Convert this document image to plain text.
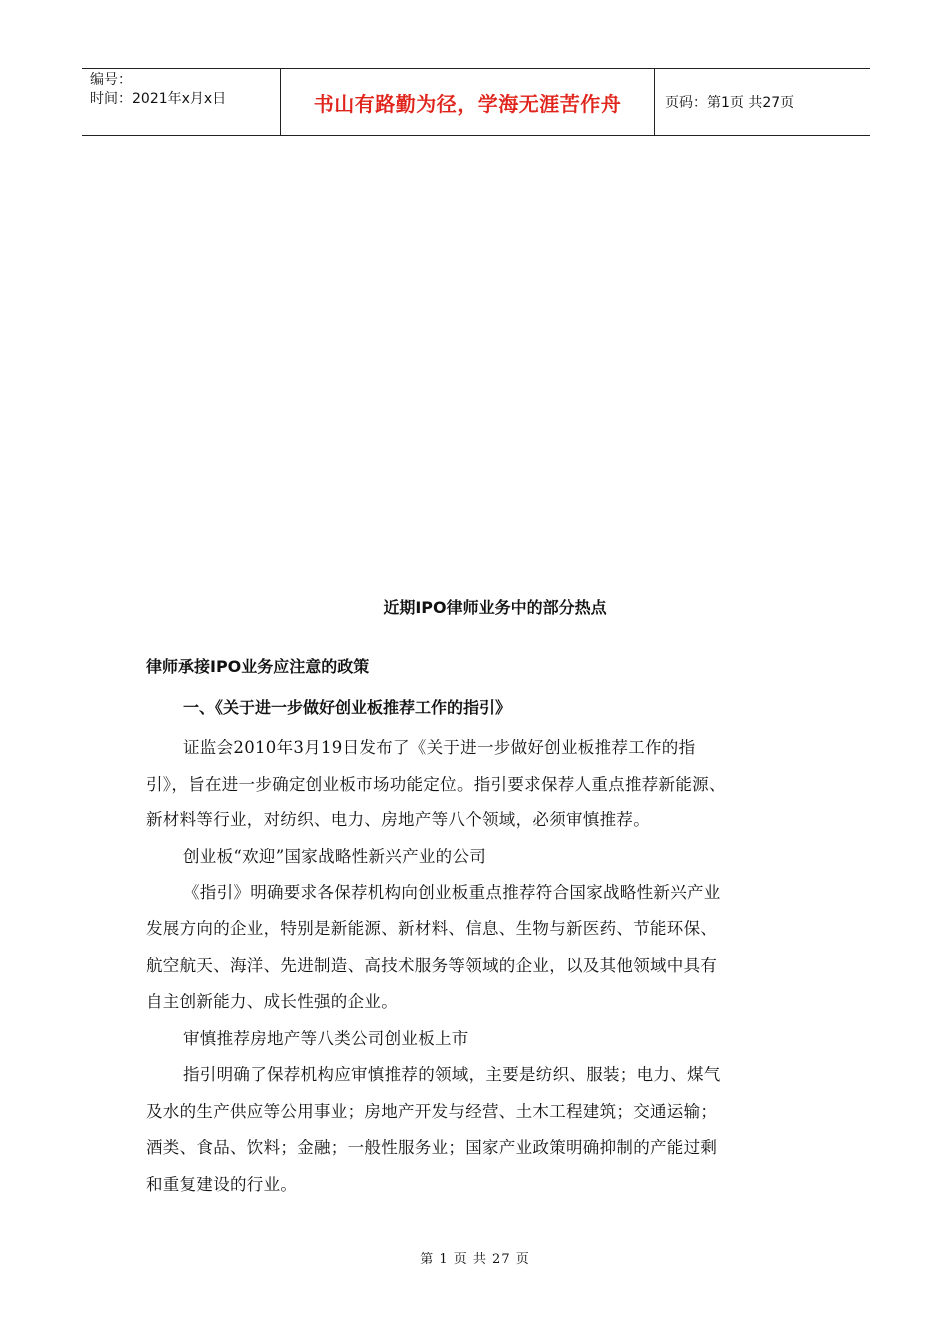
编号：
时间：2021年x月x日	书山有路勤为径，学海无涯苦作舟	页码：第1页 共27页
近期IPO律师业务中的部分热点
律师承接IPO业务应注意的政策
一、《关于进一步做好创业板推荐工作的指引》
证监会2010年3月19日发布了《关于进一步做好创业板推荐工作的指
引》，旨在进一步确定创业板市场功能定位。指引要求保荐人重点推荐新能源、
新材料等行业，对纺织、电力、房地产等八个领域，必须审慎推荐。
创业板“欢迎”国家战略性新兴产业的公司
《指引》明确要求各保荐机构向创业板重点推荐符合国家战略性新兴产业
发展方向的企业，特别是新能源、新材料、信息、生物与新医药、节能环保、
航空航天、海洋、先进制造、高技术服务等领域的企业，以及其他领域中具有
自主创新能力、成长性强的企业。
审慎推荐房地产等八类公司创业板上市
指引明确了保荐机构应审慎推荐的领域，主要是纺织、服装；电力、煤气
及水的生产供应等公用事业；房地产开发与经营、土木工程建筑；交通运输；
酒类、食品、饮料；金融；一般性服务业；国家产业政策明确抑制的产能过剩
和重复建设的行业。
第 1 页 共 27 页
